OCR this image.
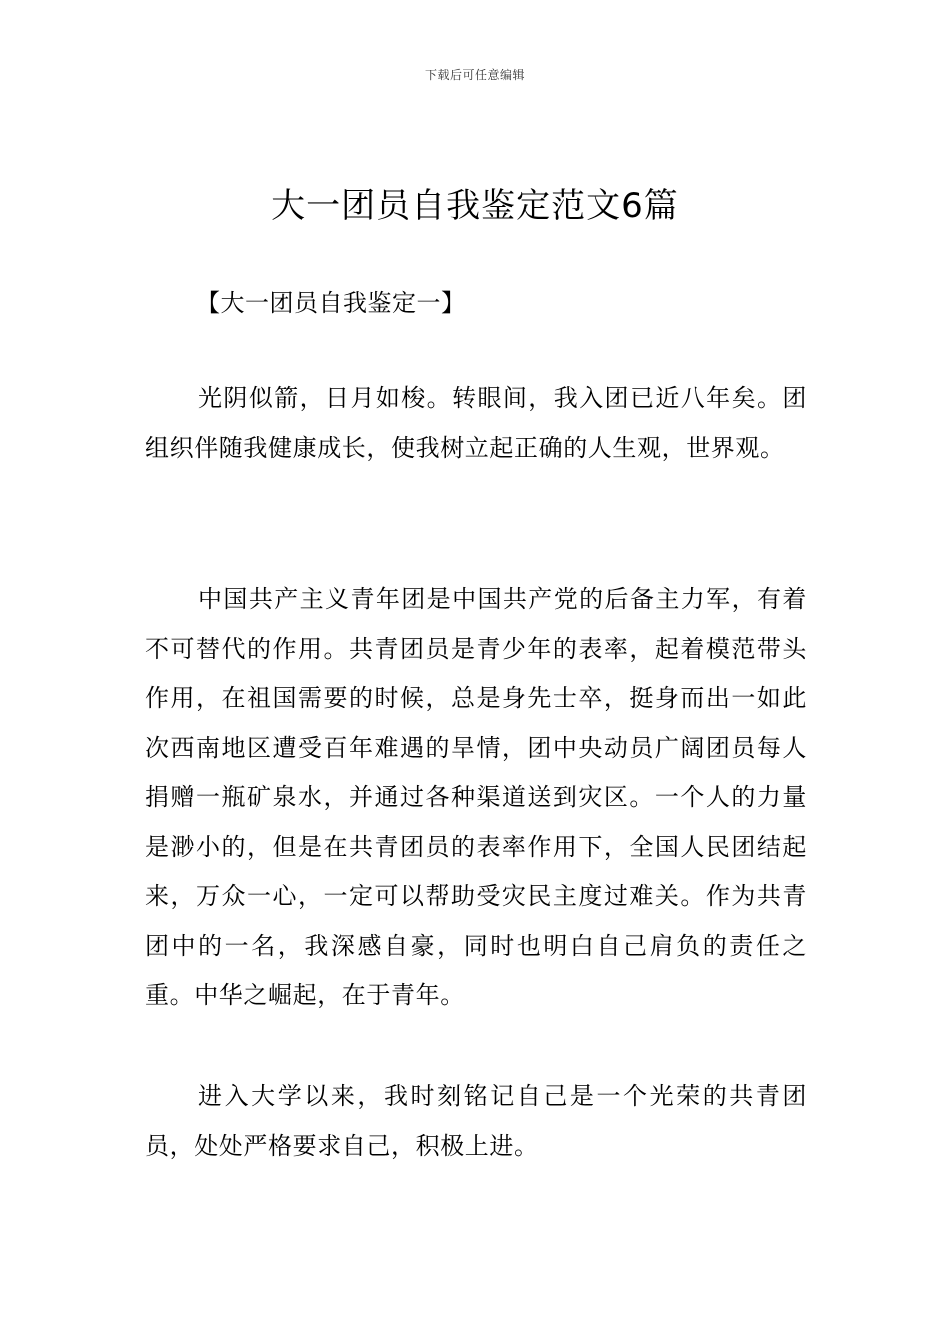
下载后可任意编辑
大一团员自我鉴定范文6篇
【大一团员自我鉴定一】

光阴似箭，日月如梭。转眼间，我入团已近八年矣。团组织伴随我健康成长，使我树立起正确的人生观，世界观。

中国共产主义青年团是中国共产党的后备主力军，有着不可替代的作用。共青团员是青少年的表率，起着模范带头作用，在祖国需要的时候，总是身先士卒，挺身而出一如此次西南地区遭受百年难遇的旱情，团中央动员广阔团员每人捐赠一瓶矿泉水，并通过各种渠道送到灾区。一个人的力量是渺小的，但是在共青团员的表率作用下，全国人民团结起来，万众一心，一定可以帮助受灾民主度过难关。作为共青团中的一名，我深感自豪，同时也明白自己肩负的责任之重。中华之崛起，在于青年。

进入大学以来，我时刻铭记自己是一个光荣的共青团员，处处严格要求自己，积极上进。
